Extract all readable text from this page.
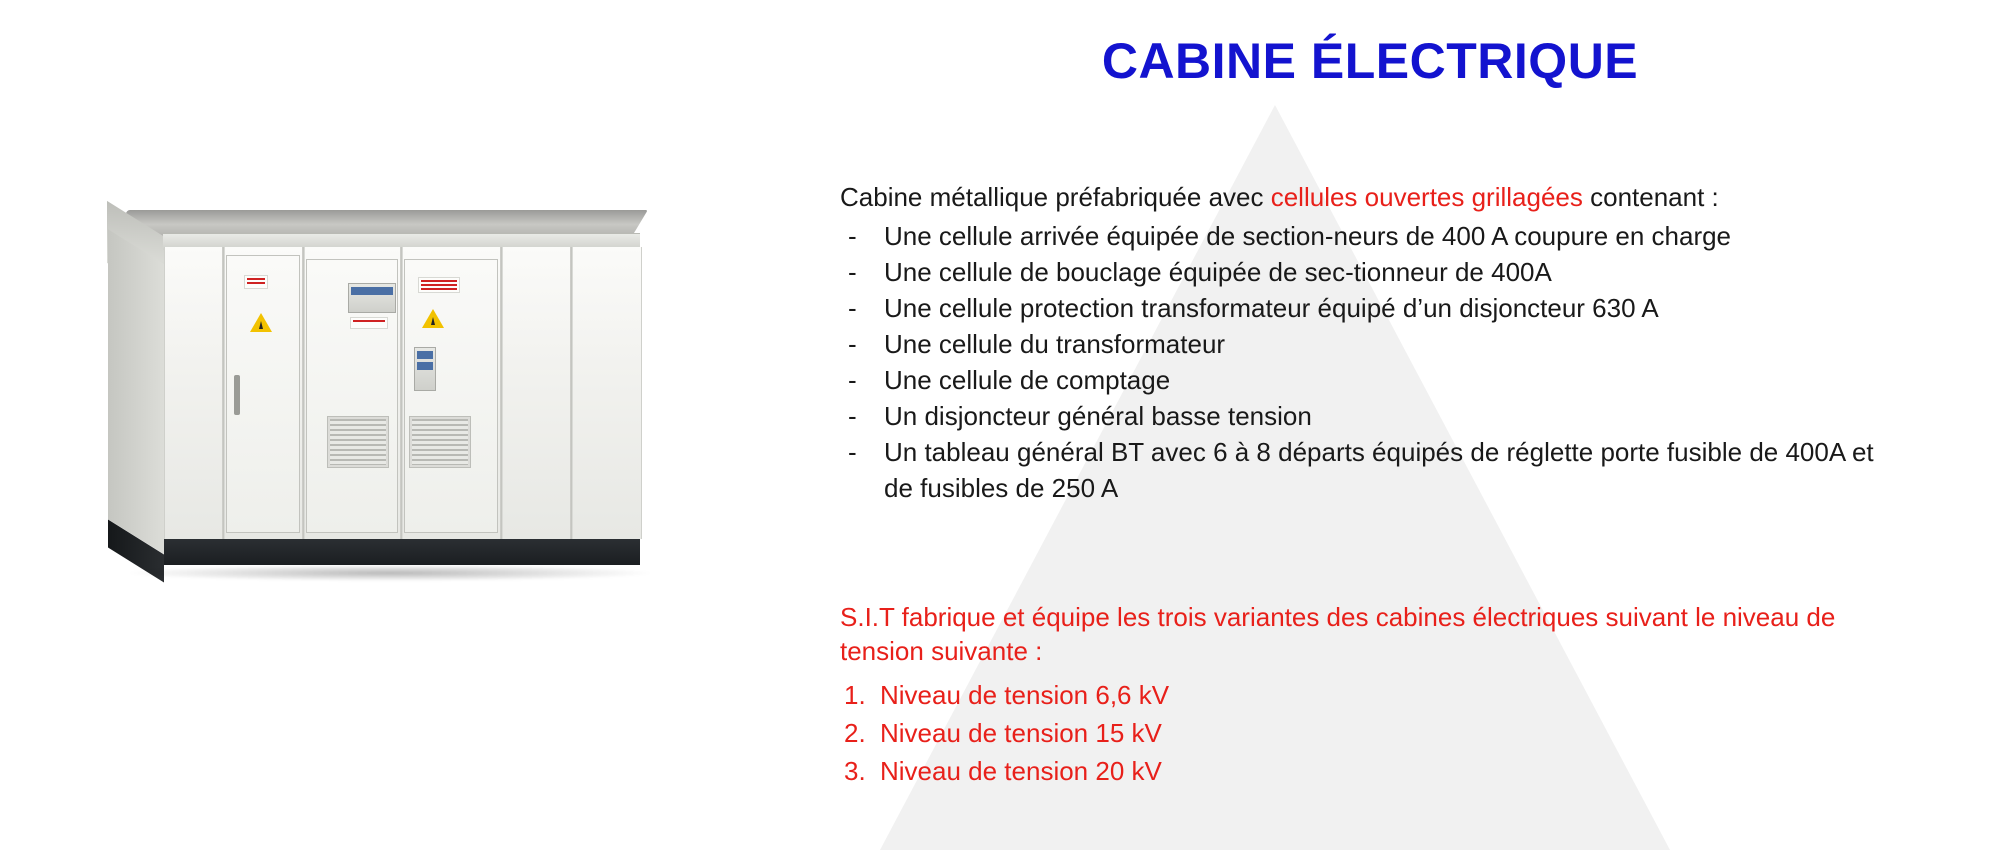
CABINE ÉLECTRIQUE
Cabine métallique préfabriquée avec cellules ouvertes grillagées contenant :
- Une cellule arrivée équipée de section-neurs de 400 A coupure en charge
- Une cellule de bouclage équipée de sec-tionneur de 400A
- Une cellule protection transformateur équipé d’un disjoncteur 630 A
- Une cellule du transformateur
- Une cellule de comptage
- Un disjoncteur général basse tension
- Un tableau général BT avec 6 à 8 départs équipés de réglette porte fusible de 400A et de fusibles de 250 A
S.I.T fabrique et équipe les trois variantes des cabines électriques suivant le niveau de tension suivante :
1. Niveau de tension 6,6 kV
2. Niveau de tension 15 kV
3. Niveau de tension 20 kV
